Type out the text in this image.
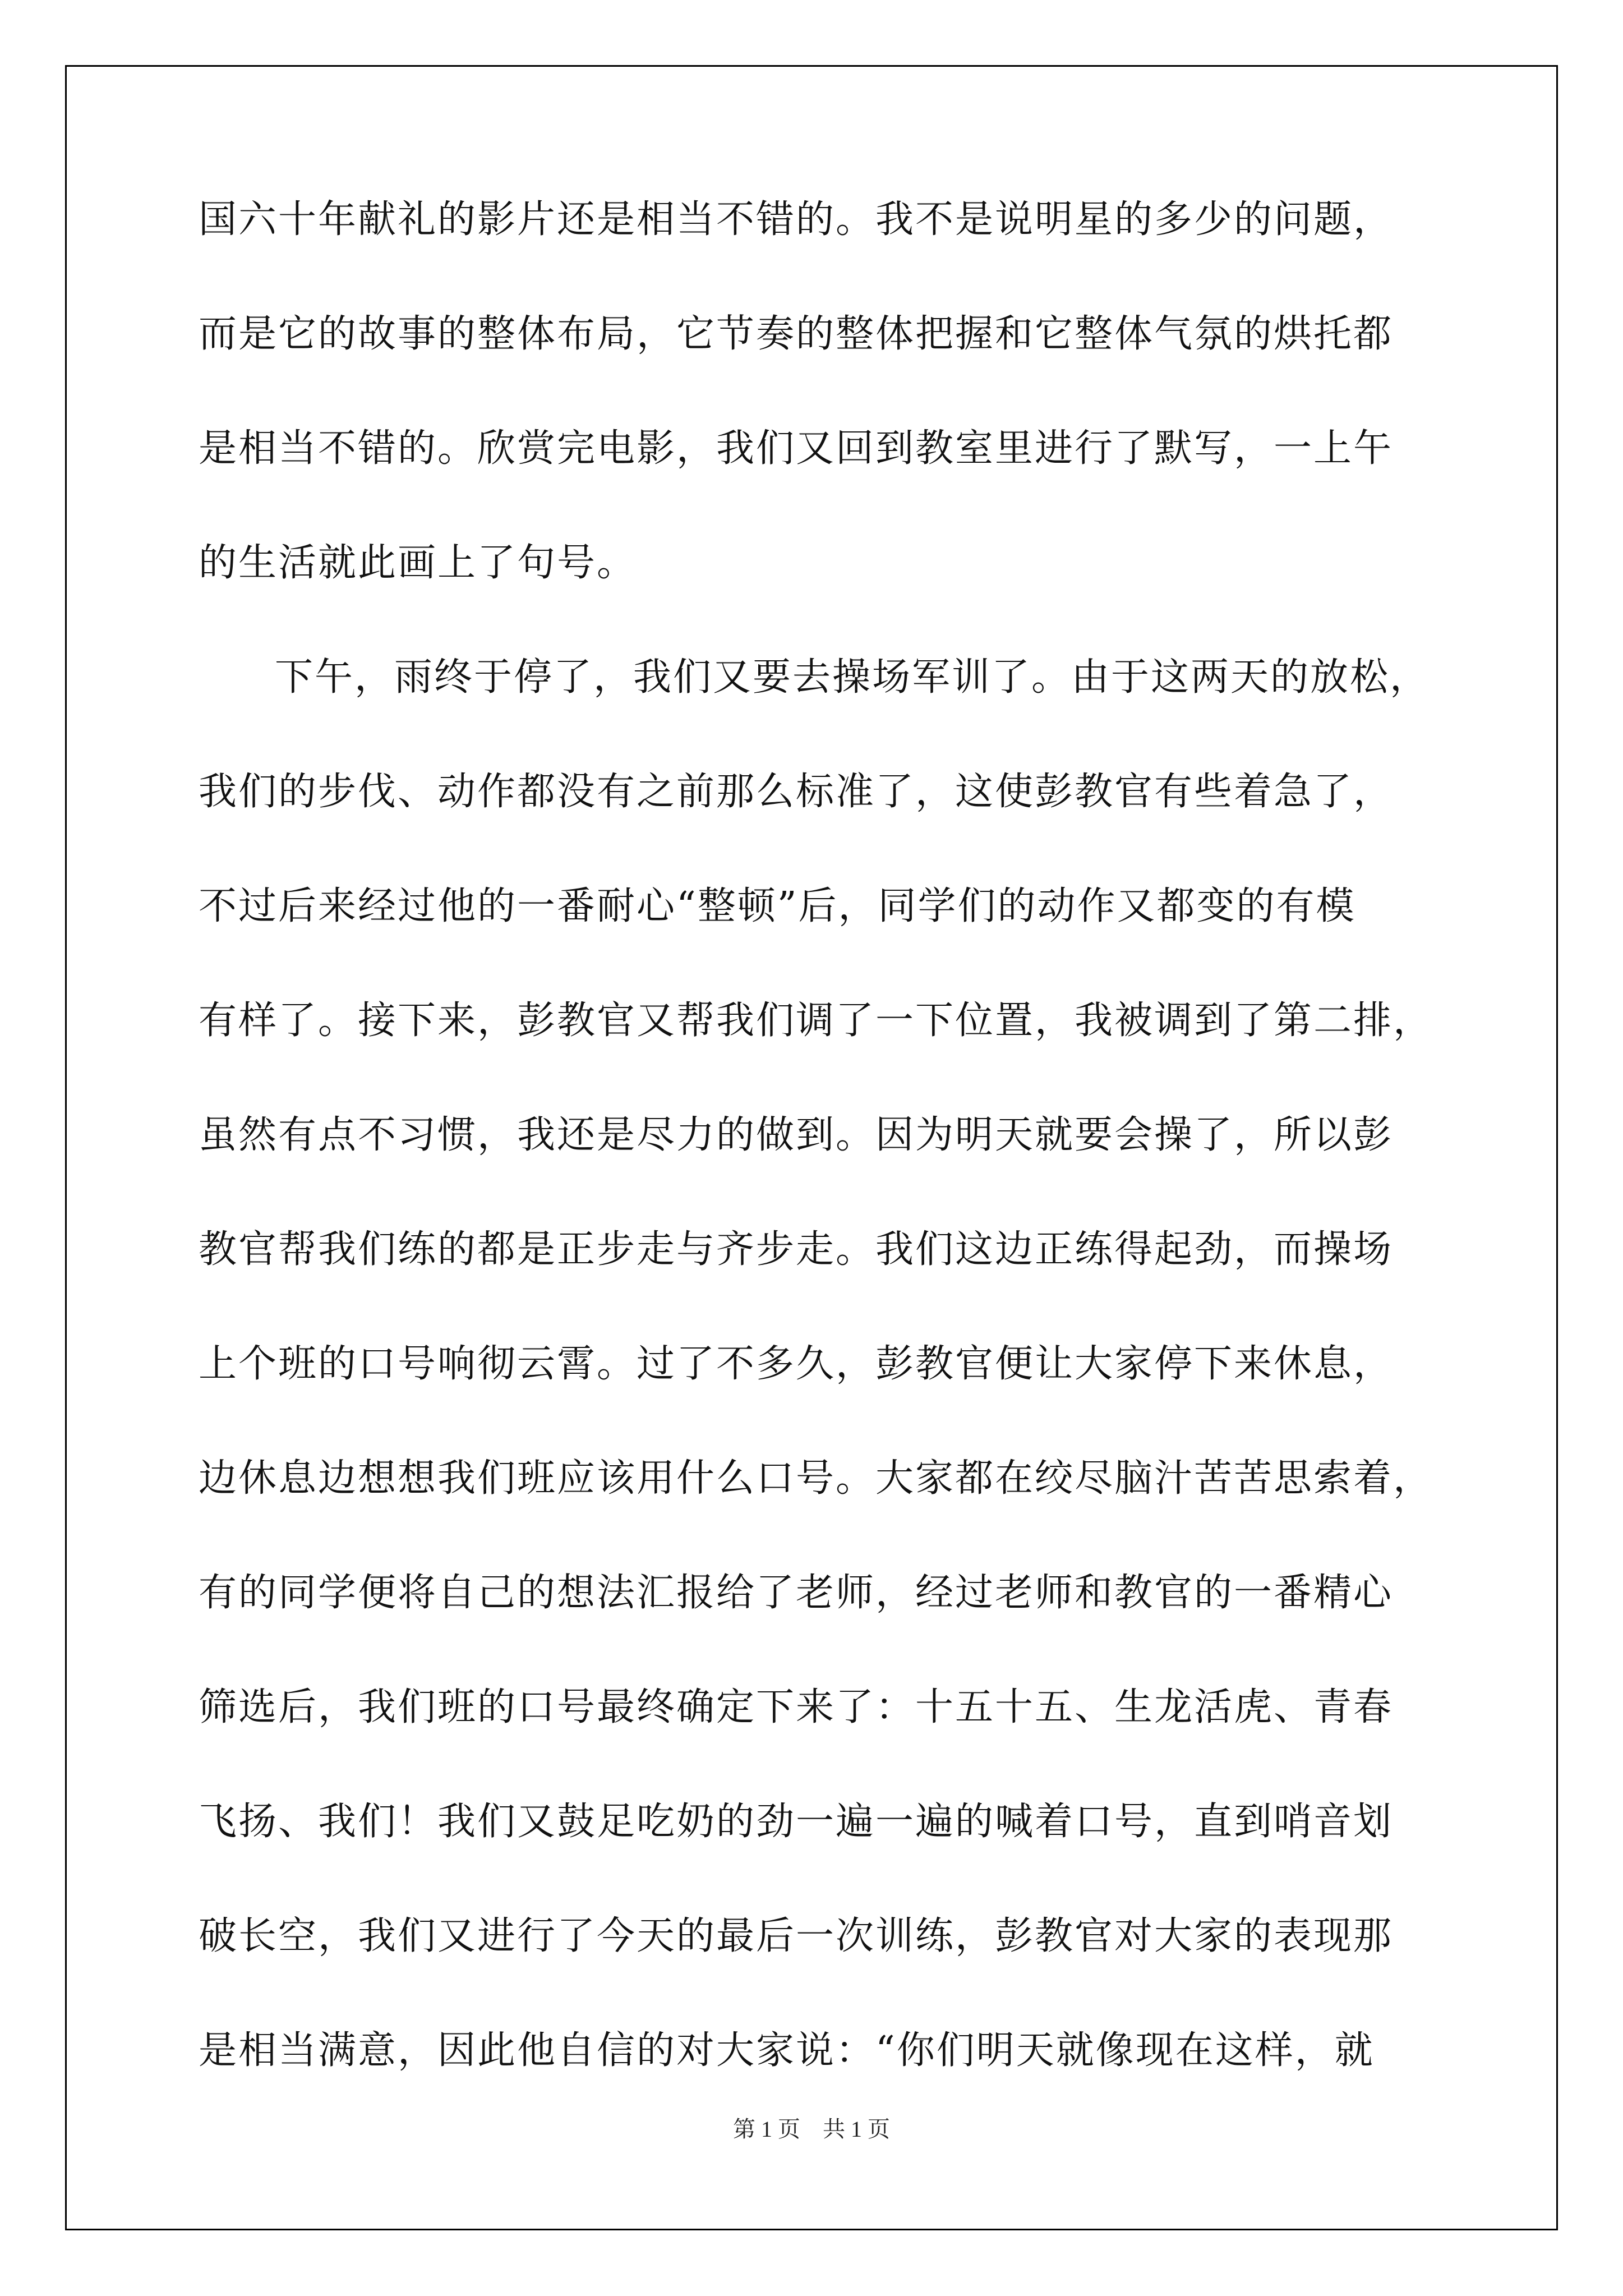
国六十年献礼的影片还是相当不错的。我不是说明星的多少的问题，
而是它的故事的整体布局，它节奏的整体把握和它整体气氛的烘托都
是相当不错的。欣赏完电影，我们又回到教室里进行了默写，一上午
的生活就此画上了句号。
下午，雨终于停了，我们又要去操场军训了。由于这两天的放松，
我们的步伐、动作都没有之前那么标准了，这使彭教官有些着急了，
不过后来经过他的一番耐心“整顿”后，同学们的动作又都变的有模
有样了。接下来，彭教官又帮我们调了一下位置，我被调到了第二排，
虽然有点不习惯，我还是尽力的做到。因为明天就要会操了，所以彭
教官帮我们练的都是正步走与齐步走。我们这边正练得起劲，而操场
上个班的口号响彻云霄。过了不多久，彭教官便让大家停下来休息，
边休息边想想我们班应该用什么口号。大家都在绞尽脑汁苦苦思索着，
有的同学便将自己的想法汇报给了老师，经过老师和教官的一番精心
筛选后，我们班的口号最终确定下来了：十五十五、生龙活虎、青春
飞扬、我们！我们又鼓足吃奶的劲一遍一遍的喊着口号，直到哨音划
破长空，我们又进行了今天的最后一次训练，彭教官对大家的表现那
是相当满意，因此他自信的对大家说：“你们明天就像现在这样，就
第 1 页 共 1 页
